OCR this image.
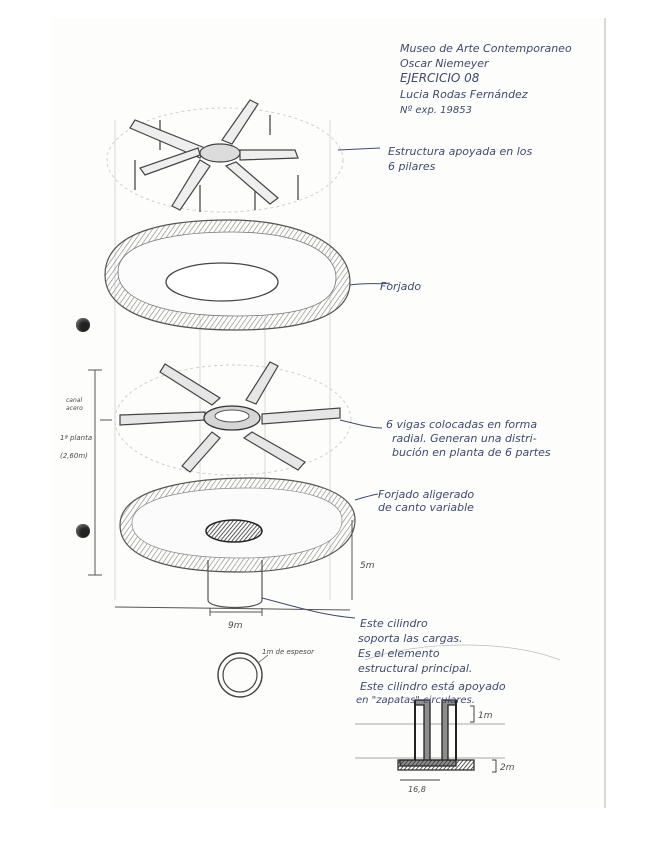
Museo de Arte Contemporaneo
Oscar Niemeyer
EJERCICIO 08
Lucia Rodas Fernández
Nº exp. 19853
Estructura apoyada en los
6 pilares
Forjado
6 vigas colocadas en forma
radial. Generan una distri-
bución en planta de 6 partes
Forjado aligerado
de canto variable
Este cilindro
soporta las cargas.
Es el elemento
estructural principal.
Este cilindro está apoyado
en "zapatas" circulares.
canal
acero
1ª planta
(2,60m)
5m
9m
1m de espesor
1m
2m
16,8
